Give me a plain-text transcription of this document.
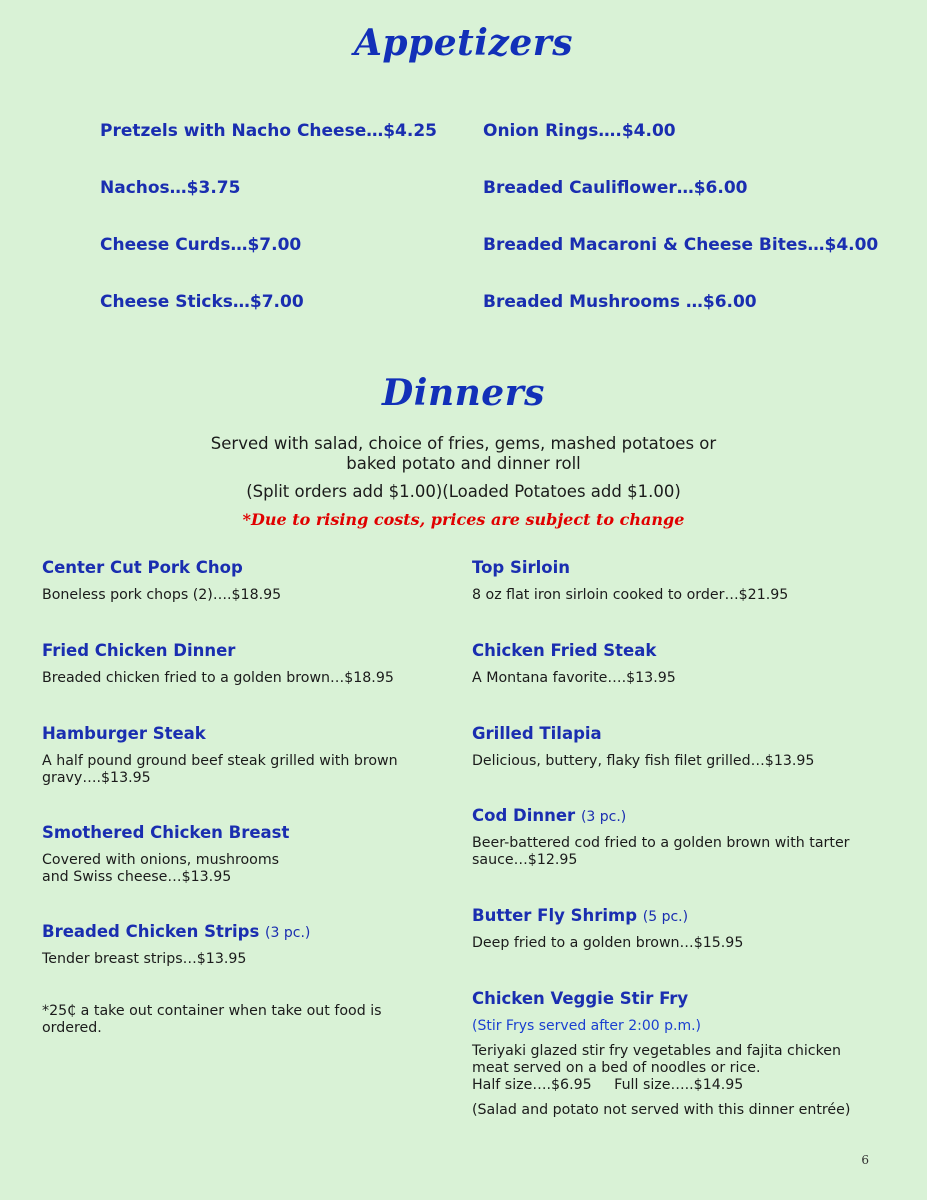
Appetizers
Pretzels with Nacho Cheese…$4.25
Nachos…$3.75
Cheese Curds…$7.00
Cheese Sticks…$7.00
Onion Rings….$4.00
Breaded Cauliflower…$6.00
Breaded Macaroni & Cheese Bites…$4.00
Breaded Mushrooms …$6.00
Dinners
Served with salad, choice of fries, gems, mashed potatoes or
baked potato and dinner roll
(Split orders add $1.00)(Loaded Potatoes add $1.00)
*Due to rising costs, prices are subject to change
Center Cut Pork Chop
Boneless pork chops (2)….$18.95
Fried Chicken Dinner
Breaded chicken fried to a golden brown…$18.95
Hamburger Steak
A half pound ground beef steak grilled with brown
gravy….$13.95
Smothered Chicken Breast
Covered with onions, mushrooms
and Swiss cheese…$13.95
Breaded Chicken Strips (3 pc.)
Tender breast strips…$13.95
*25₵ a take out container when take out food is
ordered.
Top Sirloin
8 oz flat iron sirloin cooked to order…$21.95
Chicken Fried Steak
A Montana favorite….$13.95
Grilled Tilapia
Delicious, buttery, flaky fish filet grilled…$13.95
Cod Dinner (3 pc.)
Beer-battered cod fried to a golden brown with tarter
sauce…$12.95
Butter Fly Shrimp (5 pc.)
Deep fried to a golden brown…$15.95
Chicken Veggie Stir Fry
(Stir Frys served after 2:00 p.m.)
Teriyaki glazed stir fry vegetables and fajita chicken
meat served on a bed of noodles or rice.
Half size….$6.95     Full size…..$14.95
(Salad and potato not served with this dinner entrée)
6
